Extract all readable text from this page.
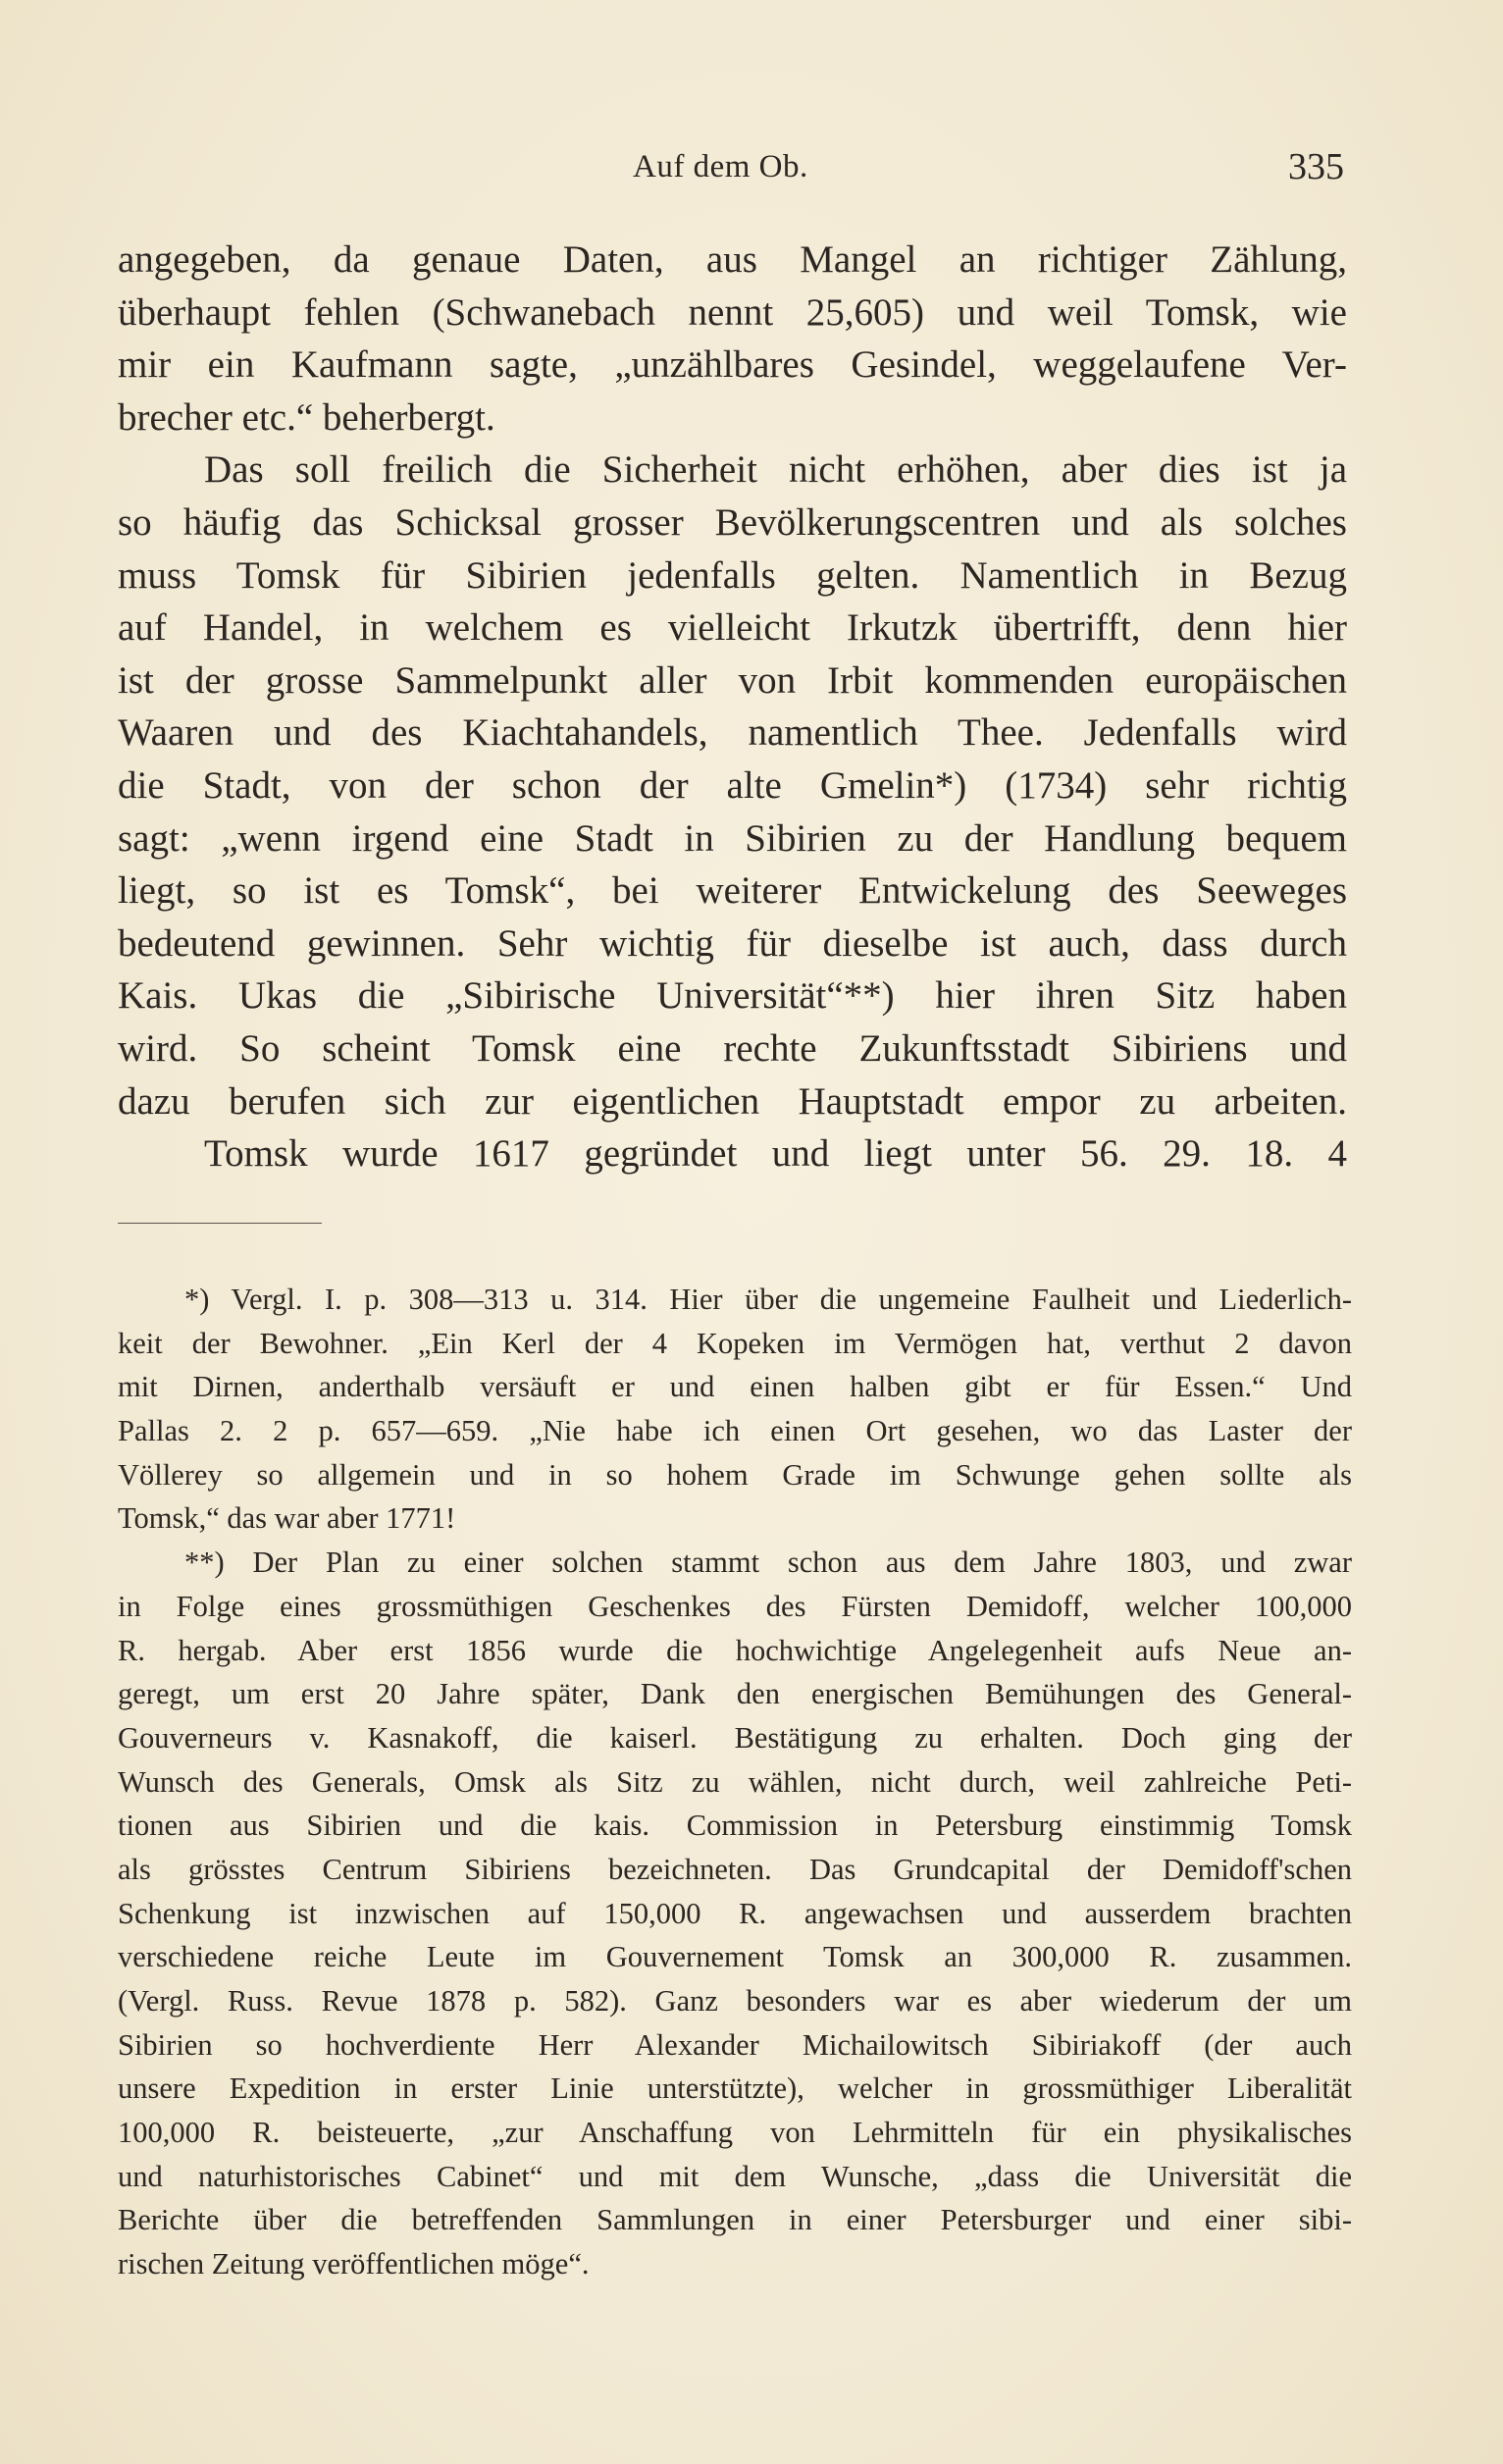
Auf dem Ob.	335
angegeben, da genaue Daten, aus Mangel an richtiger Zählung,
überhaupt fehlen (Schwanebach nennt 25,605) und weil Tomsk, wie
mir ein Kaufmann sagte, „unzählbares Gesindel, weggelaufene Ver-
brecher etc.“ beherbergt.
Das soll freilich die Sicherheit nicht erhöhen, aber dies ist ja
so häufig das Schicksal grosser Bevölkerungscentren und als solches
muss Tomsk für Sibirien jedenfalls gelten. Namentlich in Bezug
auf Handel, in welchem es vielleicht Irkutzk übertrifft, denn hier
ist der grosse Sammelpunkt aller von Irbit kommenden europäischen
Waaren und des Kiachtahandels, namentlich Thee. Jedenfalls wird
die Stadt, von der schon der alte Gmelin*) (1734) sehr richtig
sagt: „wenn irgend eine Stadt in Sibirien zu der Handlung bequem
liegt, so ist es Tomsk“, bei weiterer Entwickelung des Seeweges
bedeutend gewinnen. Sehr wichtig für dieselbe ist auch, dass durch
Kais. Ukas die „Sibirische Universität“**) hier ihren Sitz haben
wird. So scheint Tomsk eine rechte Zukunftsstadt Sibiriens und
dazu berufen sich zur eigentlichen Hauptstadt empor zu arbeiten.
Tomsk wurde 1617 gegründet und liegt unter 56. 29. 18. 4
*) Vergl. I. p. 308—313 u. 314. Hier über die ungemeine Faulheit und Liederlich-
keit der Bewohner. „Ein Kerl der 4 Kopeken im Vermögen hat, verthut 2 davon
mit Dirnen, anderthalb versäuft er und einen halben gibt er für Essen.“ Und
Pallas 2. 2 p. 657—659. „Nie habe ich einen Ort gesehen, wo das Laster der
Völlerey so allgemein und in so hohem Grade im Schwunge gehen sollte als
Tomsk,“ das war aber 1771!
**) Der Plan zu einer solchen stammt schon aus dem Jahre 1803, und zwar
in Folge eines grossmüthigen Geschenkes des Fürsten Demidoff, welcher 100,000
R. hergab. Aber erst 1856 wurde die hochwichtige Angelegenheit aufs Neue an-
geregt, um erst 20 Jahre später, Dank den energischen Bemühungen des General-
Gouverneurs v. Kasnakoff, die kaiserl. Bestätigung zu erhalten. Doch ging der
Wunsch des Generals, Omsk als Sitz zu wählen, nicht durch, weil zahlreiche Peti-
tionen aus Sibirien und die kais. Commission in Petersburg einstimmig Tomsk
als grösstes Centrum Sibiriens bezeichneten. Das Grundcapital der Demidoff'schen
Schenkung ist inzwischen auf 150,000 R. angewachsen und ausserdem brachten
verschiedene reiche Leute im Gouvernement Tomsk an 300,000 R. zusammen.
(Vergl. Russ. Revue 1878 p. 582). Ganz besonders war es aber wiederum der um
Sibirien so hochverdiente Herr Alexander Michailowitsch Sibiriakoff (der auch
unsere Expedition in erster Linie unterstützte), welcher in grossmüthiger Liberalität
100,000 R. beisteuerte, „zur Anschaffung von Lehrmitteln für ein physikalisches
und naturhistorisches Cabinet“ und mit dem Wunsche, „dass die Universität die
Berichte über die betreffenden Sammlungen in einer Petersburger und einer sibi-
rischen Zeitung veröffentlichen möge“.
